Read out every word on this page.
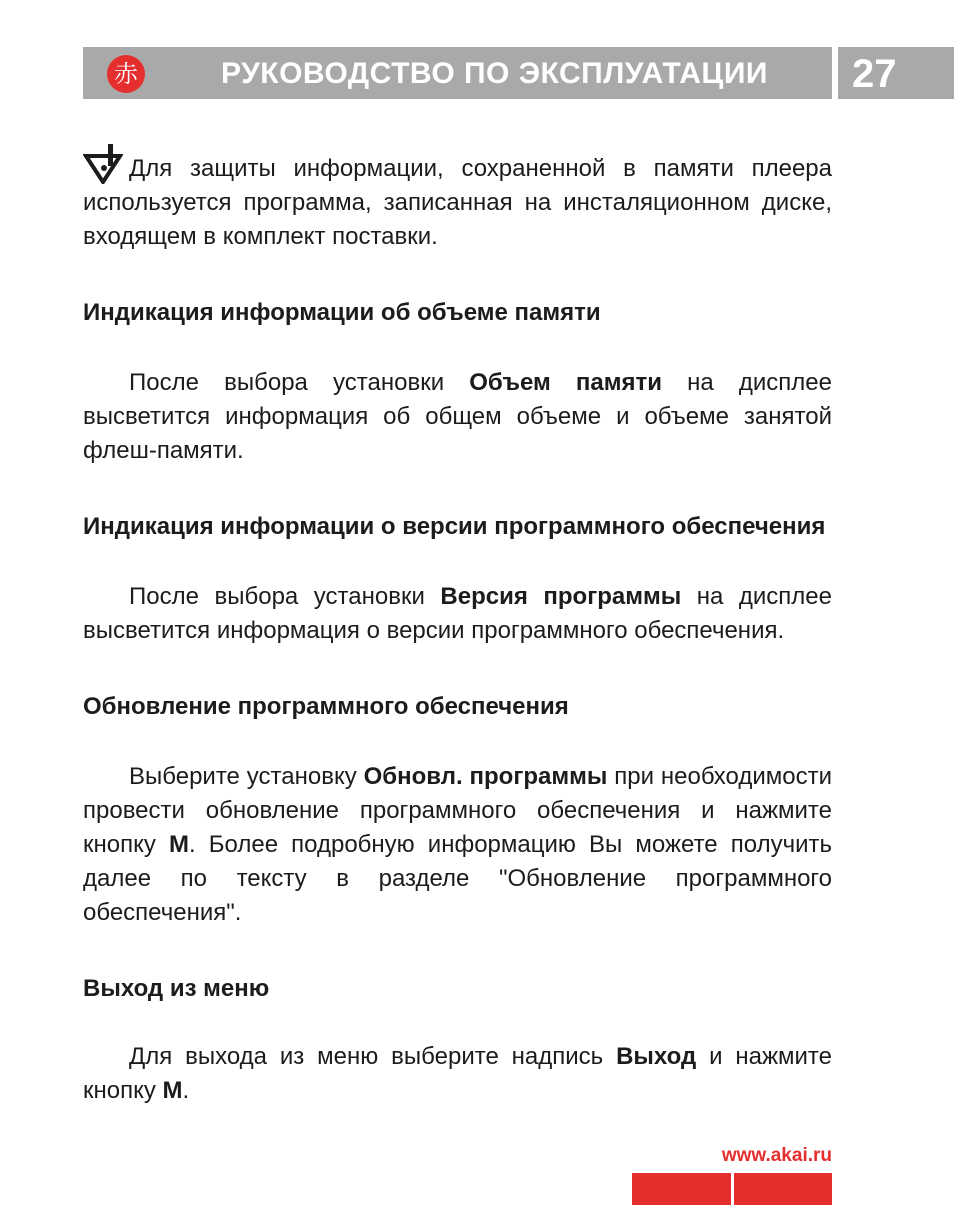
赤	РУКОВОДСТВО ПО ЭКСПЛУАТАЦИИ	27

Для защиты информации, сохраненной в памяти плеера используется программа, записанная на инсталяционном диске, входящем в комплект поставки.

Индикация информации об объеме памяти

После выбора установки Объем памяти на дисплее высветится информация об общем объеме и объеме занятой флеш-памяти.

Индикация информации о версии программного обеспечения

После выбора установки Версия программы на дисплее высветится информация о версии программного обеспечения.

Обновление программного обеспечения

Выберите установку Обновл. программы при необходимости провести обновление программного обеспечения и нажмите кнопку M. Более подробную информацию Вы можете получить далее по тексту в разделе "Обновление программного обеспечения".

Выход из меню

Для выхода из меню выберите надпись Выход и нажмите кнопку M.

www.akai.ru
